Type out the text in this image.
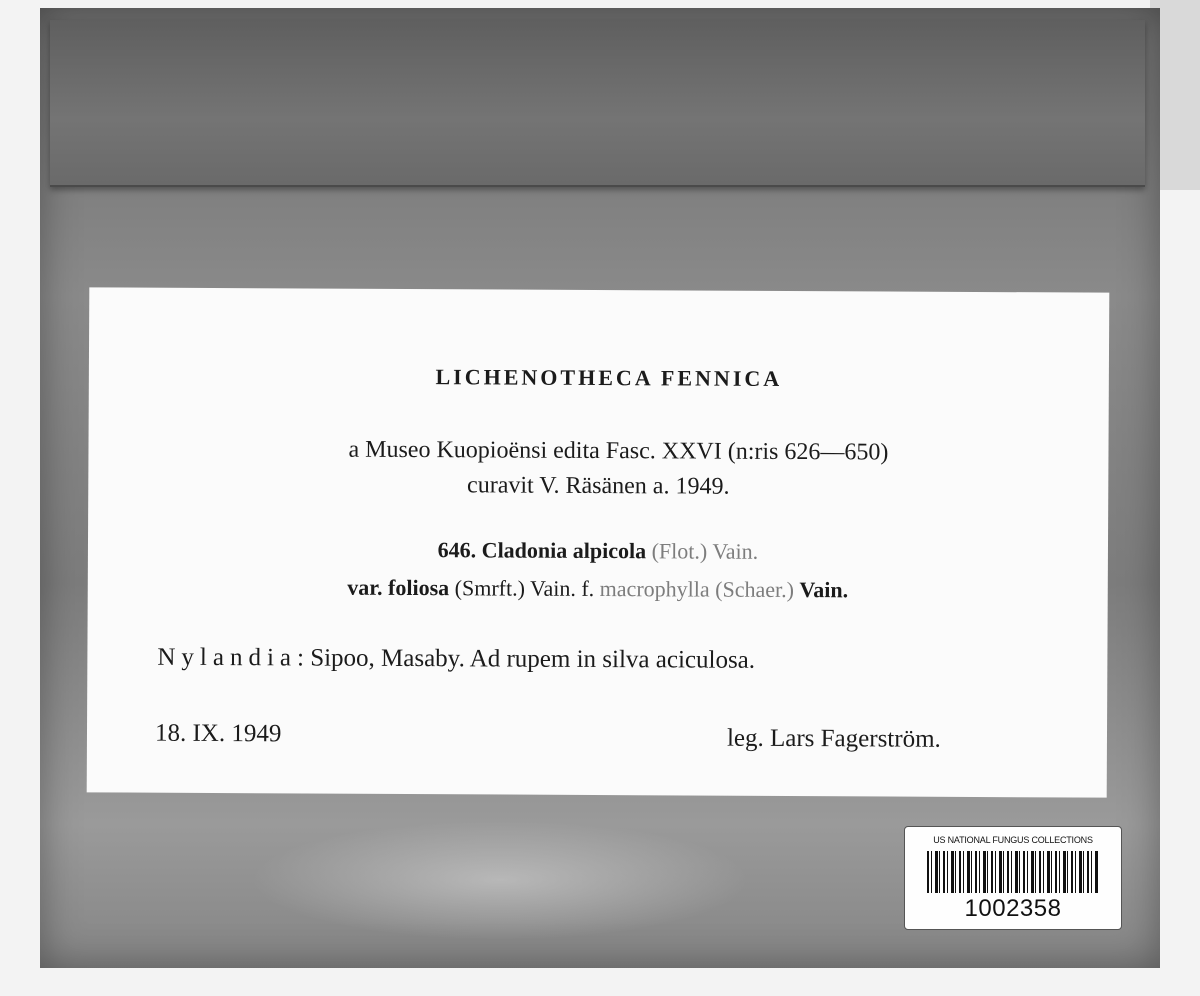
LICHENOTHECA FENNICA
a Museo Kuopioënsi edita Fasc. XXVI (n:ris 626—650)
curavit V. Räsänen a. 1949.
646. Cladonia alpicola (Flot.) Vain.
var. foliosa (Smrft.) Vain. f. macrophylla (Schaer.) Vain.
Nylandia: Sipoo, Masaby. Ad rupem in silva aciculosa.
18. IX. 1949	leg. Lars Fagerström.
US NATIONAL FUNGUS COLLECTIONS
1002358
